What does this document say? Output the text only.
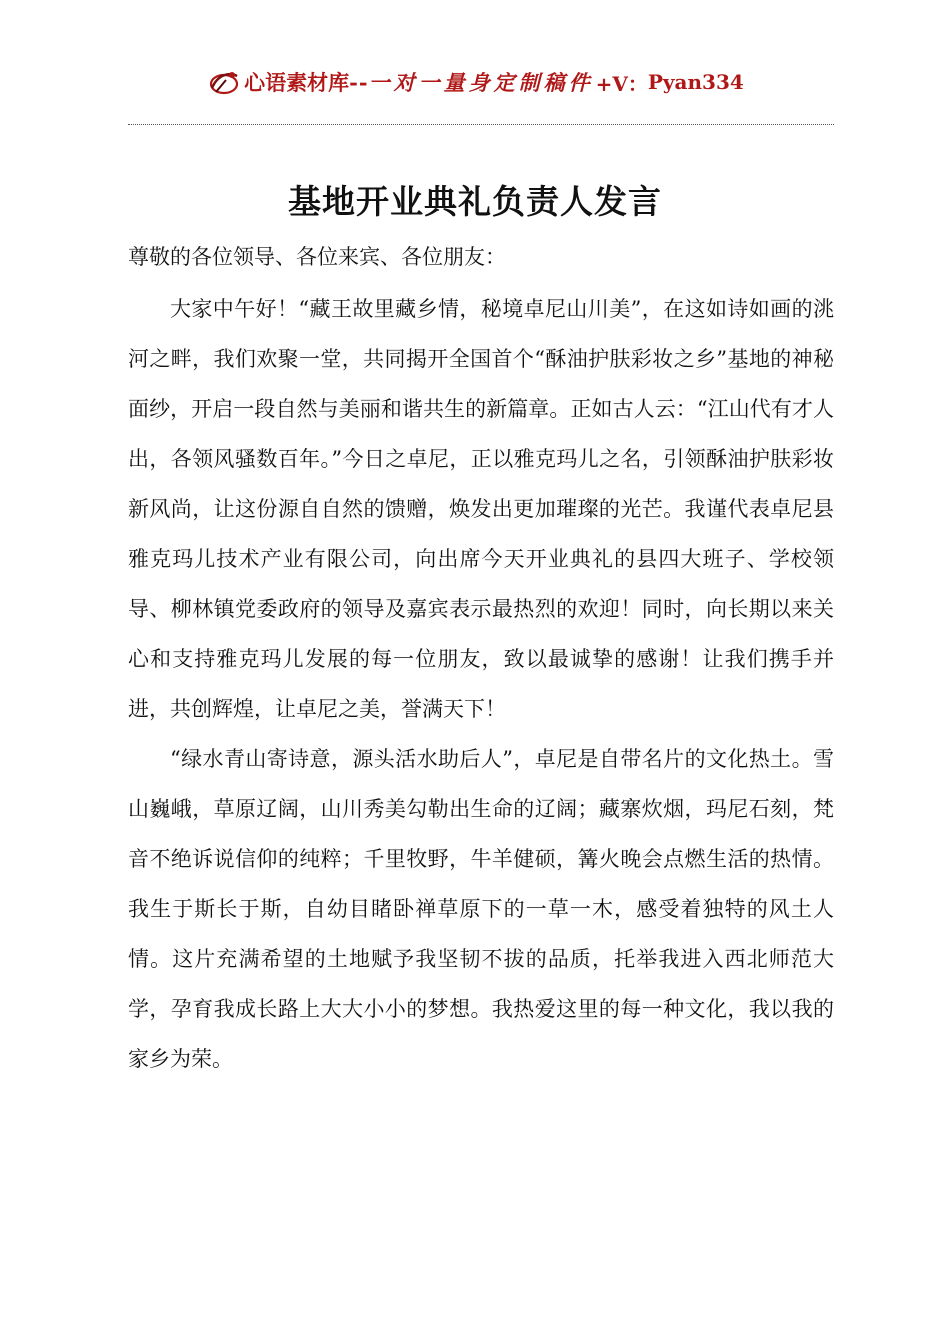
心语素材库 -- 一对一量身定制稿件 +V： Pyan334
基地开业典礼负责人发言

尊敬的各位领导、各位来宾、各位朋友：

大家中午好！“藏王故里藏乡情，秘境卓尼山川美”，在这如诗如画的洮河之畔，我们欢聚一堂，共同揭开全国首个“酥油护肤彩妆之乡”基地的神秘面纱，开启一段自然与美丽和谐共生的新篇章。正如古人云：“江山代有才人出，各领风骚数百年。”今日之卓尼，正以雅克玛儿之名，引领酥油护肤彩妆新风尚，让这份源自自然的馈赠，焕发出更加璀璨的光芒。我谨代表卓尼县雅克玛儿技术产业有限公司，向出席今天开业典礼的县四大班子、学校领导、柳林镇党委政府的领导及嘉宾表示最热烈的欢迎！同时，向长期以来关心和支持雅克玛儿发展的每一位朋友，致以最诚挚的感谢！让我们携手并进，共创辉煌，让卓尼之美，誉满天下！

“绿水青山寄诗意，源头活水助后人”，卓尼是自带名片的文化热土。雪山巍峨，草原辽阔，山川秀美勾勒出生命的辽阔；藏寨炊烟，玛尼石刻，梵音不绝诉说信仰的纯粹；千里牧野，牛羊健硕，篝火晚会点燃生活的热情。我生于斯长于斯，自幼目睹卧禅草原下的一草一木，感受着独特的风土人情。这片充满希望的土地赋予我坚韧不拔的品质，托举我进入西北师范大学，孕育我成长路上大大小小的梦想。我热爱这里的每一种文化，我以我的家乡为荣。
